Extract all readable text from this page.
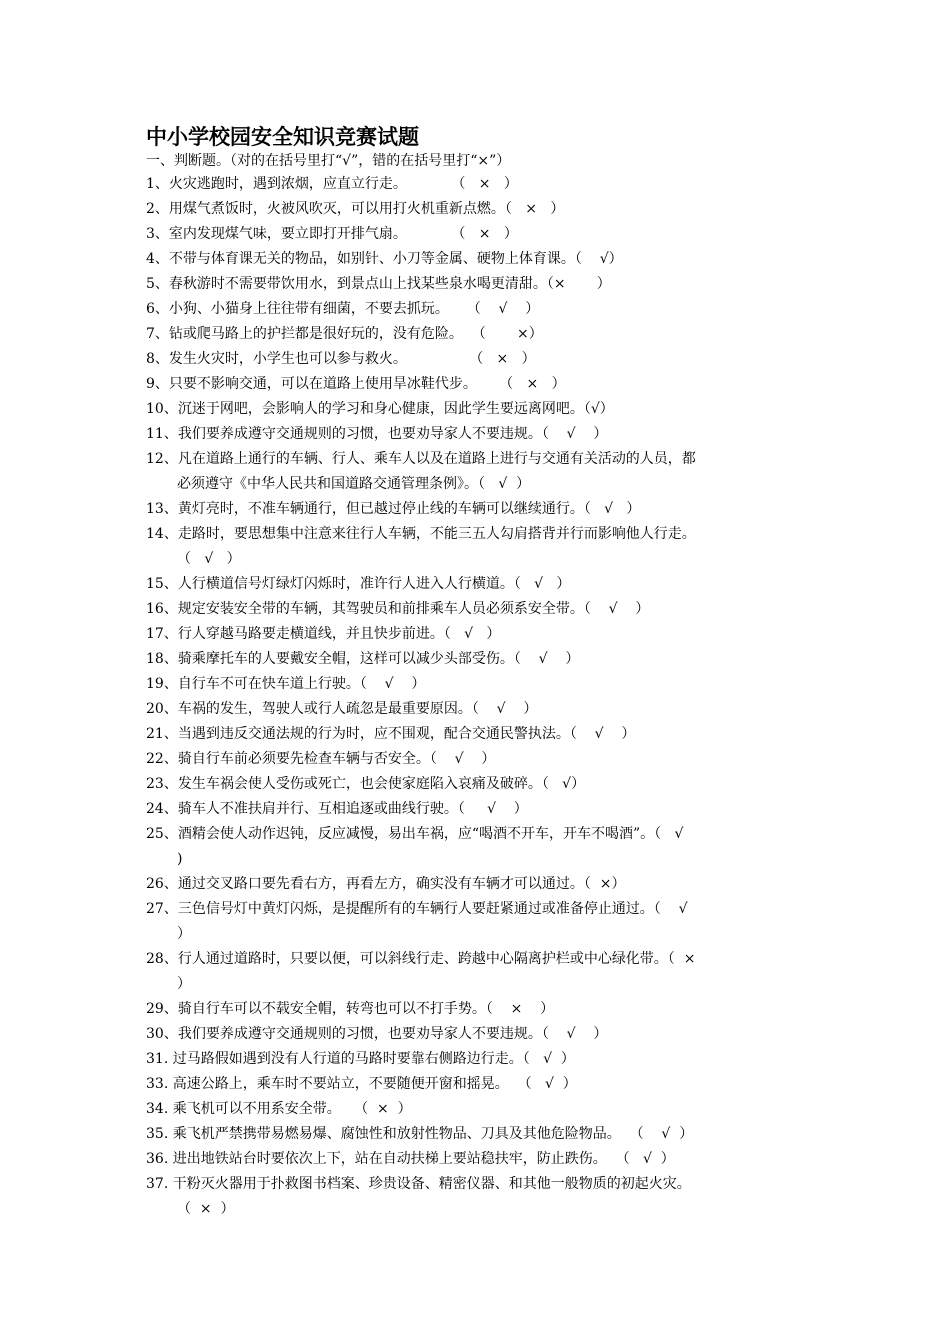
中小学校园安全知识竞赛试题
一、判断题。（对的在括号里打“√”，错的在括号里打“×”）
1、火灾逃跑时，遇到浓烟，应直立行走。          （   ×   ）
2、用煤气煮饭时，火被风吹灭，可以用打火机重新点燃。（   ×   ）
3、室内发现煤气味，要立即打开排气扇。          （   ×   ）
4、不带与体育课无关的物品，如别针、小刀等金属、硬物上体育课。（    √）
5、春秋游时不需要带饮用水，到景点山上找某些泉水喝更清甜。（×       ）
6、小狗、小猫身上往往带有细菌，不要去抓玩。    （    √    ）
7、钻或爬马路上的护拦都是很好玩的，没有危险。  （       ×）
8、发生火灾时，小学生也可以参与救火。              （   ×   ）
9、只要不影响交通，可以在道路上使用旱冰鞋代步。     （   ×   ）
10、沉迷于网吧，会影响人的学习和身心健康，因此学生要远离网吧。（√）
11、我们要养成遵守交通规则的习惯，也要劝导家人不要违规。（    √    ）
12、凡在道路上通行的车辆、行人、乘车人以及在道路上进行与交通有关活动的人员，都
必须遵守《中华人民共和国道路交通管理条例》。（   √  ）
13、黄灯亮时，不准车辆通行，但已越过停止线的车辆可以继续通行。（   √   ）
14、走路时，要思想集中注意来往行人车辆，不能三五人勾肩搭背并行而影响他人行走。
（   √   ）
15、人行横道信号灯绿灯闪烁时，准许行人进入人行横道。（   √   ）
16、规定安装安全带的车辆，其驾驶员和前排乘车人员必须系安全带。（    √    ）
17、行人穿越马路要走横道线，并且快步前进。（   √   ）
18、骑乘摩托车的人要戴安全帽，这样可以减少头部受伤。（    √    ）
19、自行车不可在快车道上行驶。（    √    ）
20、车祸的发生，驾驶人或行人疏忽是最重要原因。（    √    ）
21、当遇到违反交通法规的行为时，应不围观，配合交通民警执法。（    √    ）
22、骑自行车前必须要先检查车辆与否安全。（    √    ）
23、发生车祸会使人受伤或死亡，也会使家庭陷入哀痛及破碎。（   √）
24、骑车人不准扶肩并行、互相追逐或曲线行驶。（     √    ）
25、酒精会使人动作迟钝，反应减慢，易出车祸，应“喝酒不开车，开车不喝酒”。（   √
)
26、通过交叉路口要先看右方，再看左方，确实没有车辆才可以通过。（  ×）
27、三色信号灯中黄灯闪烁，是提醒所有的车辆行人要赶紧通过或准备停止通过。（    √
）
28、行人通过道路时，只要以便，可以斜线行走、跨越中心隔离护栏或中心绿化带。（  ×
）
29、骑自行车可以不载安全帽，转弯也可以不打手势。（    ×    ）
30、我们要养成遵守交通规则的习惯，也要劝导家人不要违规。（    √    ）
31. 过马路假如遇到没有人行道的马路时要靠右侧路边行走。（   √  ）
33. 高速公路上，乘车时不要站立，不要随便开窗和摇晃。  （   √  ）
34. 乘飞机可以不用系安全带。   （  ×  ）
35. 乘飞机严禁携带易燃易爆、腐蚀性和放射性物品、刀具及其他危险物品。  （    √  ）
36. 进出地铁站台时要依次上下，站在自动扶梯上要站稳扶牢，防止跌伤。  （   √  ）
37. 干粉灭火器用于扑救图书档案、珍贵设备、精密仪器、和其他一般物质的初起火灾。
（  ×  ）
